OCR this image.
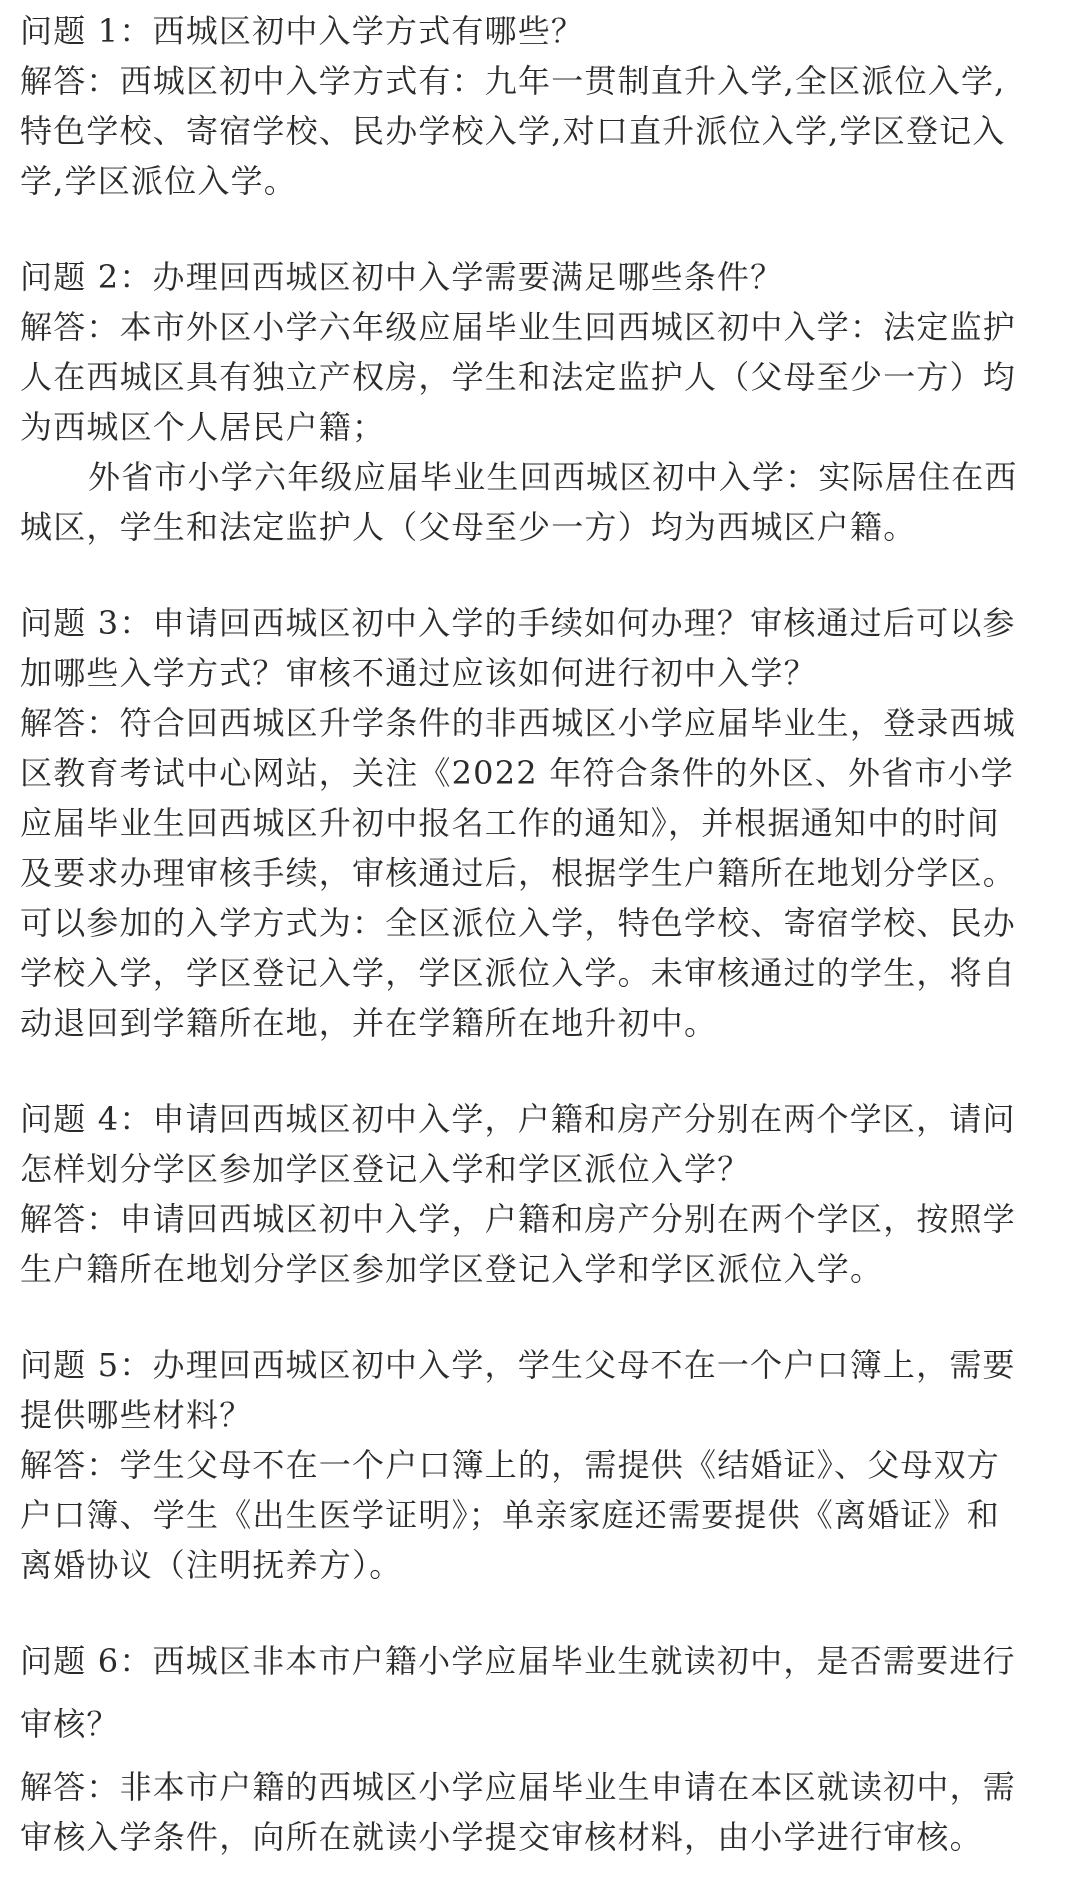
问题 1：西城区初中入学方式有哪些？
解答：西城区初中入学方式有：九年一贯制直升入学,全区派位入学,
特色学校、寄宿学校、民办学校入学,对口直升派位入学,学区登记入
学,学区派位入学。
问题 2：办理回西城区初中入学需要满足哪些条件？
解答：本市外区小学六年级应届毕业生回西城区初中入学：法定监护
人在西城区具有独立产权房，学生和法定监护人（父母至少一方）均
为西城区个人居民户籍；
外省市小学六年级应届毕业生回西城区初中入学：实际居住在西
城区，学生和法定监护人（父母至少一方）均为西城区户籍。
问题 3：申请回西城区初中入学的手续如何办理？审核通过后可以参
加哪些入学方式？审核不通过应该如何进行初中入学？
解答：符合回西城区升学条件的非西城区小学应届毕业生，登录西城
区教育考试中心网站，关注《2022 年符合条件的外区、外省市小学
应届毕业生回西城区升初中报名工作的通知》，并根据通知中的时间
及要求办理审核手续，审核通过后，根据学生户籍所在地划分学区。
可以参加的入学方式为：全区派位入学，特色学校、寄宿学校、民办
学校入学，学区登记入学，学区派位入学。未审核通过的学生，将自
动退回到学籍所在地，并在学籍所在地升初中。
问题 4：申请回西城区初中入学，户籍和房产分别在两个学区，请问
怎样划分学区参加学区登记入学和学区派位入学？
解答：申请回西城区初中入学，户籍和房产分别在两个学区，按照学
生户籍所在地划分学区参加学区登记入学和学区派位入学。
问题 5：办理回西城区初中入学，学生父母不在一个户口簿上，需要
提供哪些材料？
解答：学生父母不在一个户口簿上的，需提供《结婚证》、父母双方
户口簿、学生《出生医学证明》；单亲家庭还需要提供《离婚证》和
离婚协议（注明抚养方）。
问题 6：西城区非本市户籍小学应届毕业生就读初中，是否需要进行
审核？
解答：非本市户籍的西城区小学应届毕业生申请在本区就读初中，需
审核入学条件，向所在就读小学提交审核材料，由小学进行审核。
